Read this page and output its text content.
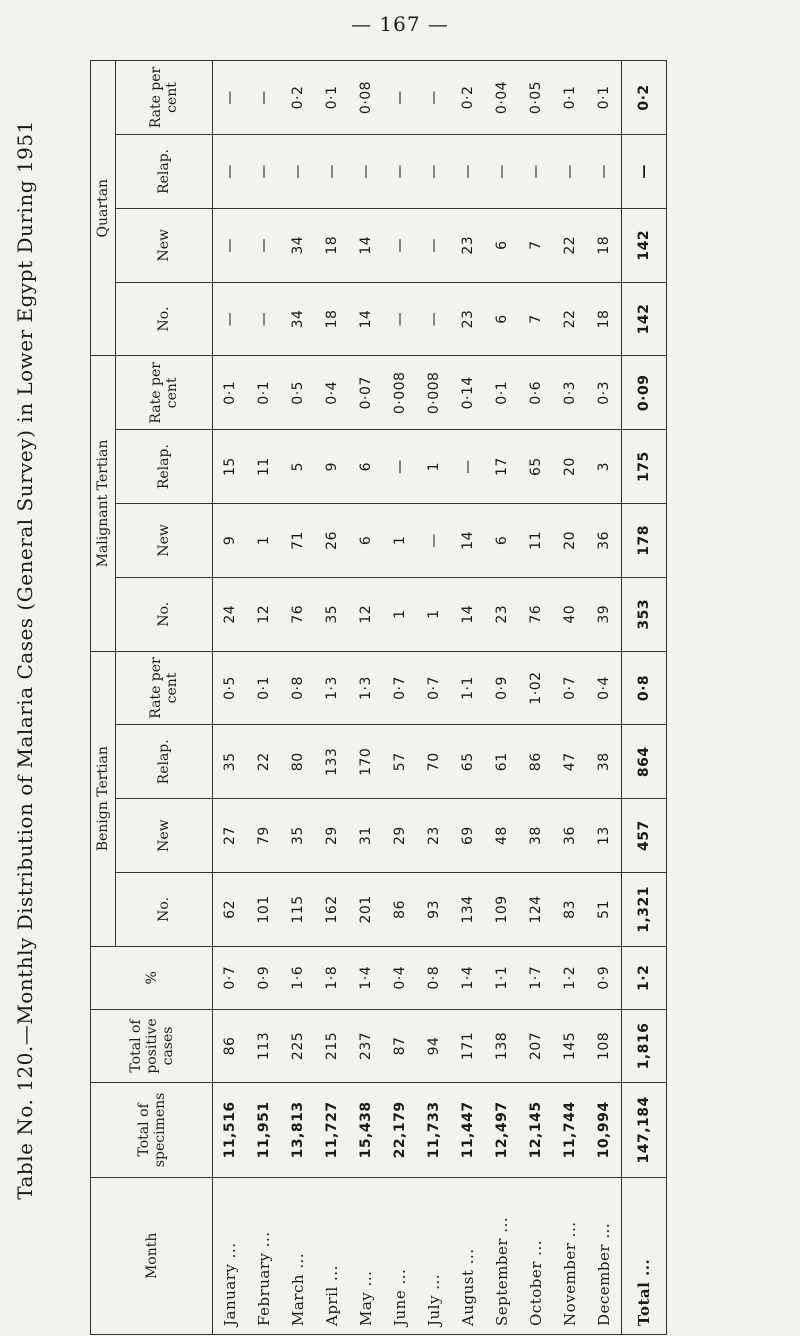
— 167 —
Table No. 120.—Monthly Distribution of Malaria Cases (General Survey) in Lower Egypt During 1951
Month	Total of specimens	Total of positive cases	%	Benign Tertian				Malignant Tertian				Quartan			
				No.	New	Relap.	Rate per cent	No.	New	Relap.	Rate per cent	No.	New	Relap.	Rate per cent
January ...	11,516	86	0·7	62	27	35	0·5	24	9	15	0·1	—	—	—	—
February ...	11,951	113	0·9	101	79	22	0·1	12	1	11	0·1	—	—	—	—
March ...	13,813	225	1·6	115	35	80	0·8	76	71	5	0·5	34	34	—	0·2
April ...	11,727	215	1·8	162	29	133	1·3	35	26	9	0·4	18	18	—	0·1
May ...	15,438	237	1·4	201	31	170	1·3	12	6	6	0·07	14	14	—	0·08
June ...	22,179	87	0·4	86	29	57	0·7	1	1	—	0·008	—	—	—	—
July ...	11,733	94	0·8	93	23	70	0·7	1	—	1	0·008	—	—	—	—
August ...	11,447	171	1·4	134	69	65	1·1	14	14	—	0·14	23	23	—	0·2
September ...	12,497	138	1·1	109	48	61	0·9	23	6	17	0·1	6	6	—	0·04
October ...	12,145	207	1·7	124	38	86	1·02	76	11	65	0·6	7	7	—	0·05
November ...	11,744	145	1·2	83	36	47	0·7	40	20	20	0·3	22	22	—	0·1
December ...	10,994	108	0·9	51	13	38	0·4	39	36	3	0·3	18	18	—	0·1
Total ...	147,184	1,816	1·2	1,321	457	864	0·8	353	178	175	0·09	142	142	—	0·2
